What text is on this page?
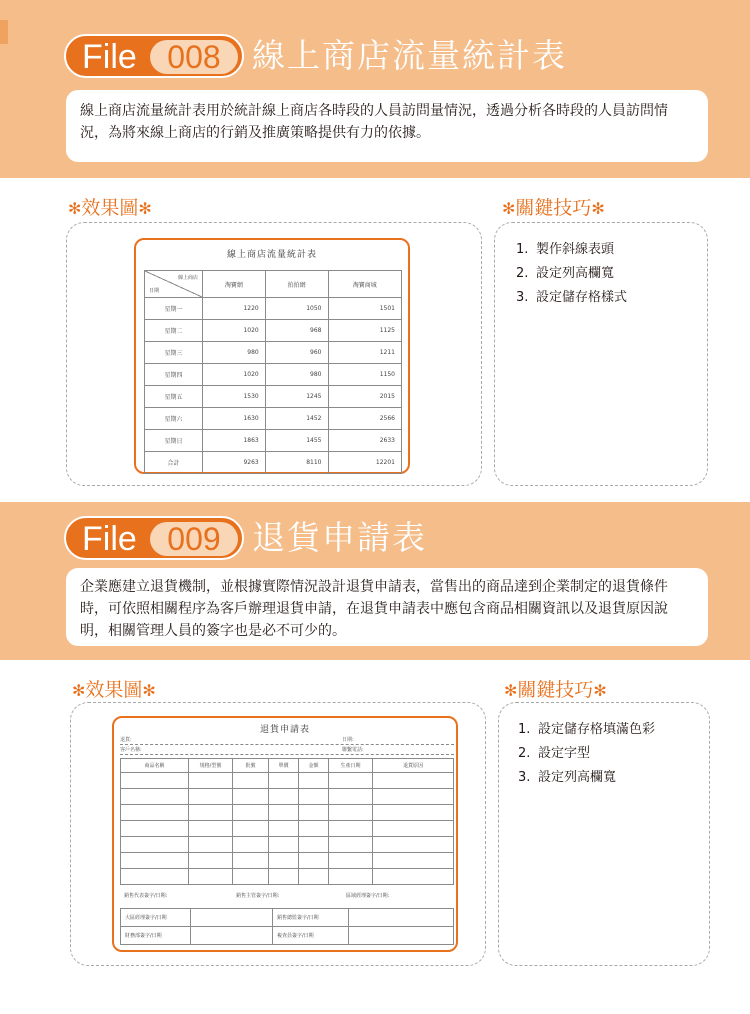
File 008 線上商店流量統計表
線上商店流量統計表用於統計線上商店各時段的人員訪問量情況，透過分析各時段的人員訪問情況，為將來線上商店的行銷及推廣策略提供有力的依據。
✻效果圖✻	✻關鍵技巧✻
1. 製作斜線表頭
2. 設定列高欄寬
3. 設定儲存格樣式
線上商店流量統計表
線上商店
日期	淘寶網	拍拍網	淘寶商城
星期一	1220	1050	1501
星期二	1020	968	1125
星期三	980	960	1211
星期四	1020	980	1150
星期五	1530	1245	2015
星期六	1630	1452	2566
星期日	1863	1455	2633
合計	9263	8110	12201
File 009 退貨申請表
企業應建立退貨機制，並根據實際情況設計退貨申請表，當售出的商品達到企業制定的退貨條件時，可依照相關程序為客戶辦理退貨申請，在退貨申請表中應包含商品相關資訊以及退貨原因說明，相關管理人員的簽字也是必不可少的。
✻效果圖✻	✻關鍵技巧✻
1. 設定儲存格填滿色彩
2. 設定字型
3. 設定列高欄寬
退貨申請表
退貨:	日期:
客戶名稱:	聯繫電話:
商品名稱	規格/型號	批號	單價	金額	生產日期	退貨原因

銷售代表簽字/日期:	銷售主管簽字/日期:	區域經理簽字/日期:
大區經理簽字/日期		銷售總監簽字/日期	
財務部簽字/日期		複查員簽字/日期	
